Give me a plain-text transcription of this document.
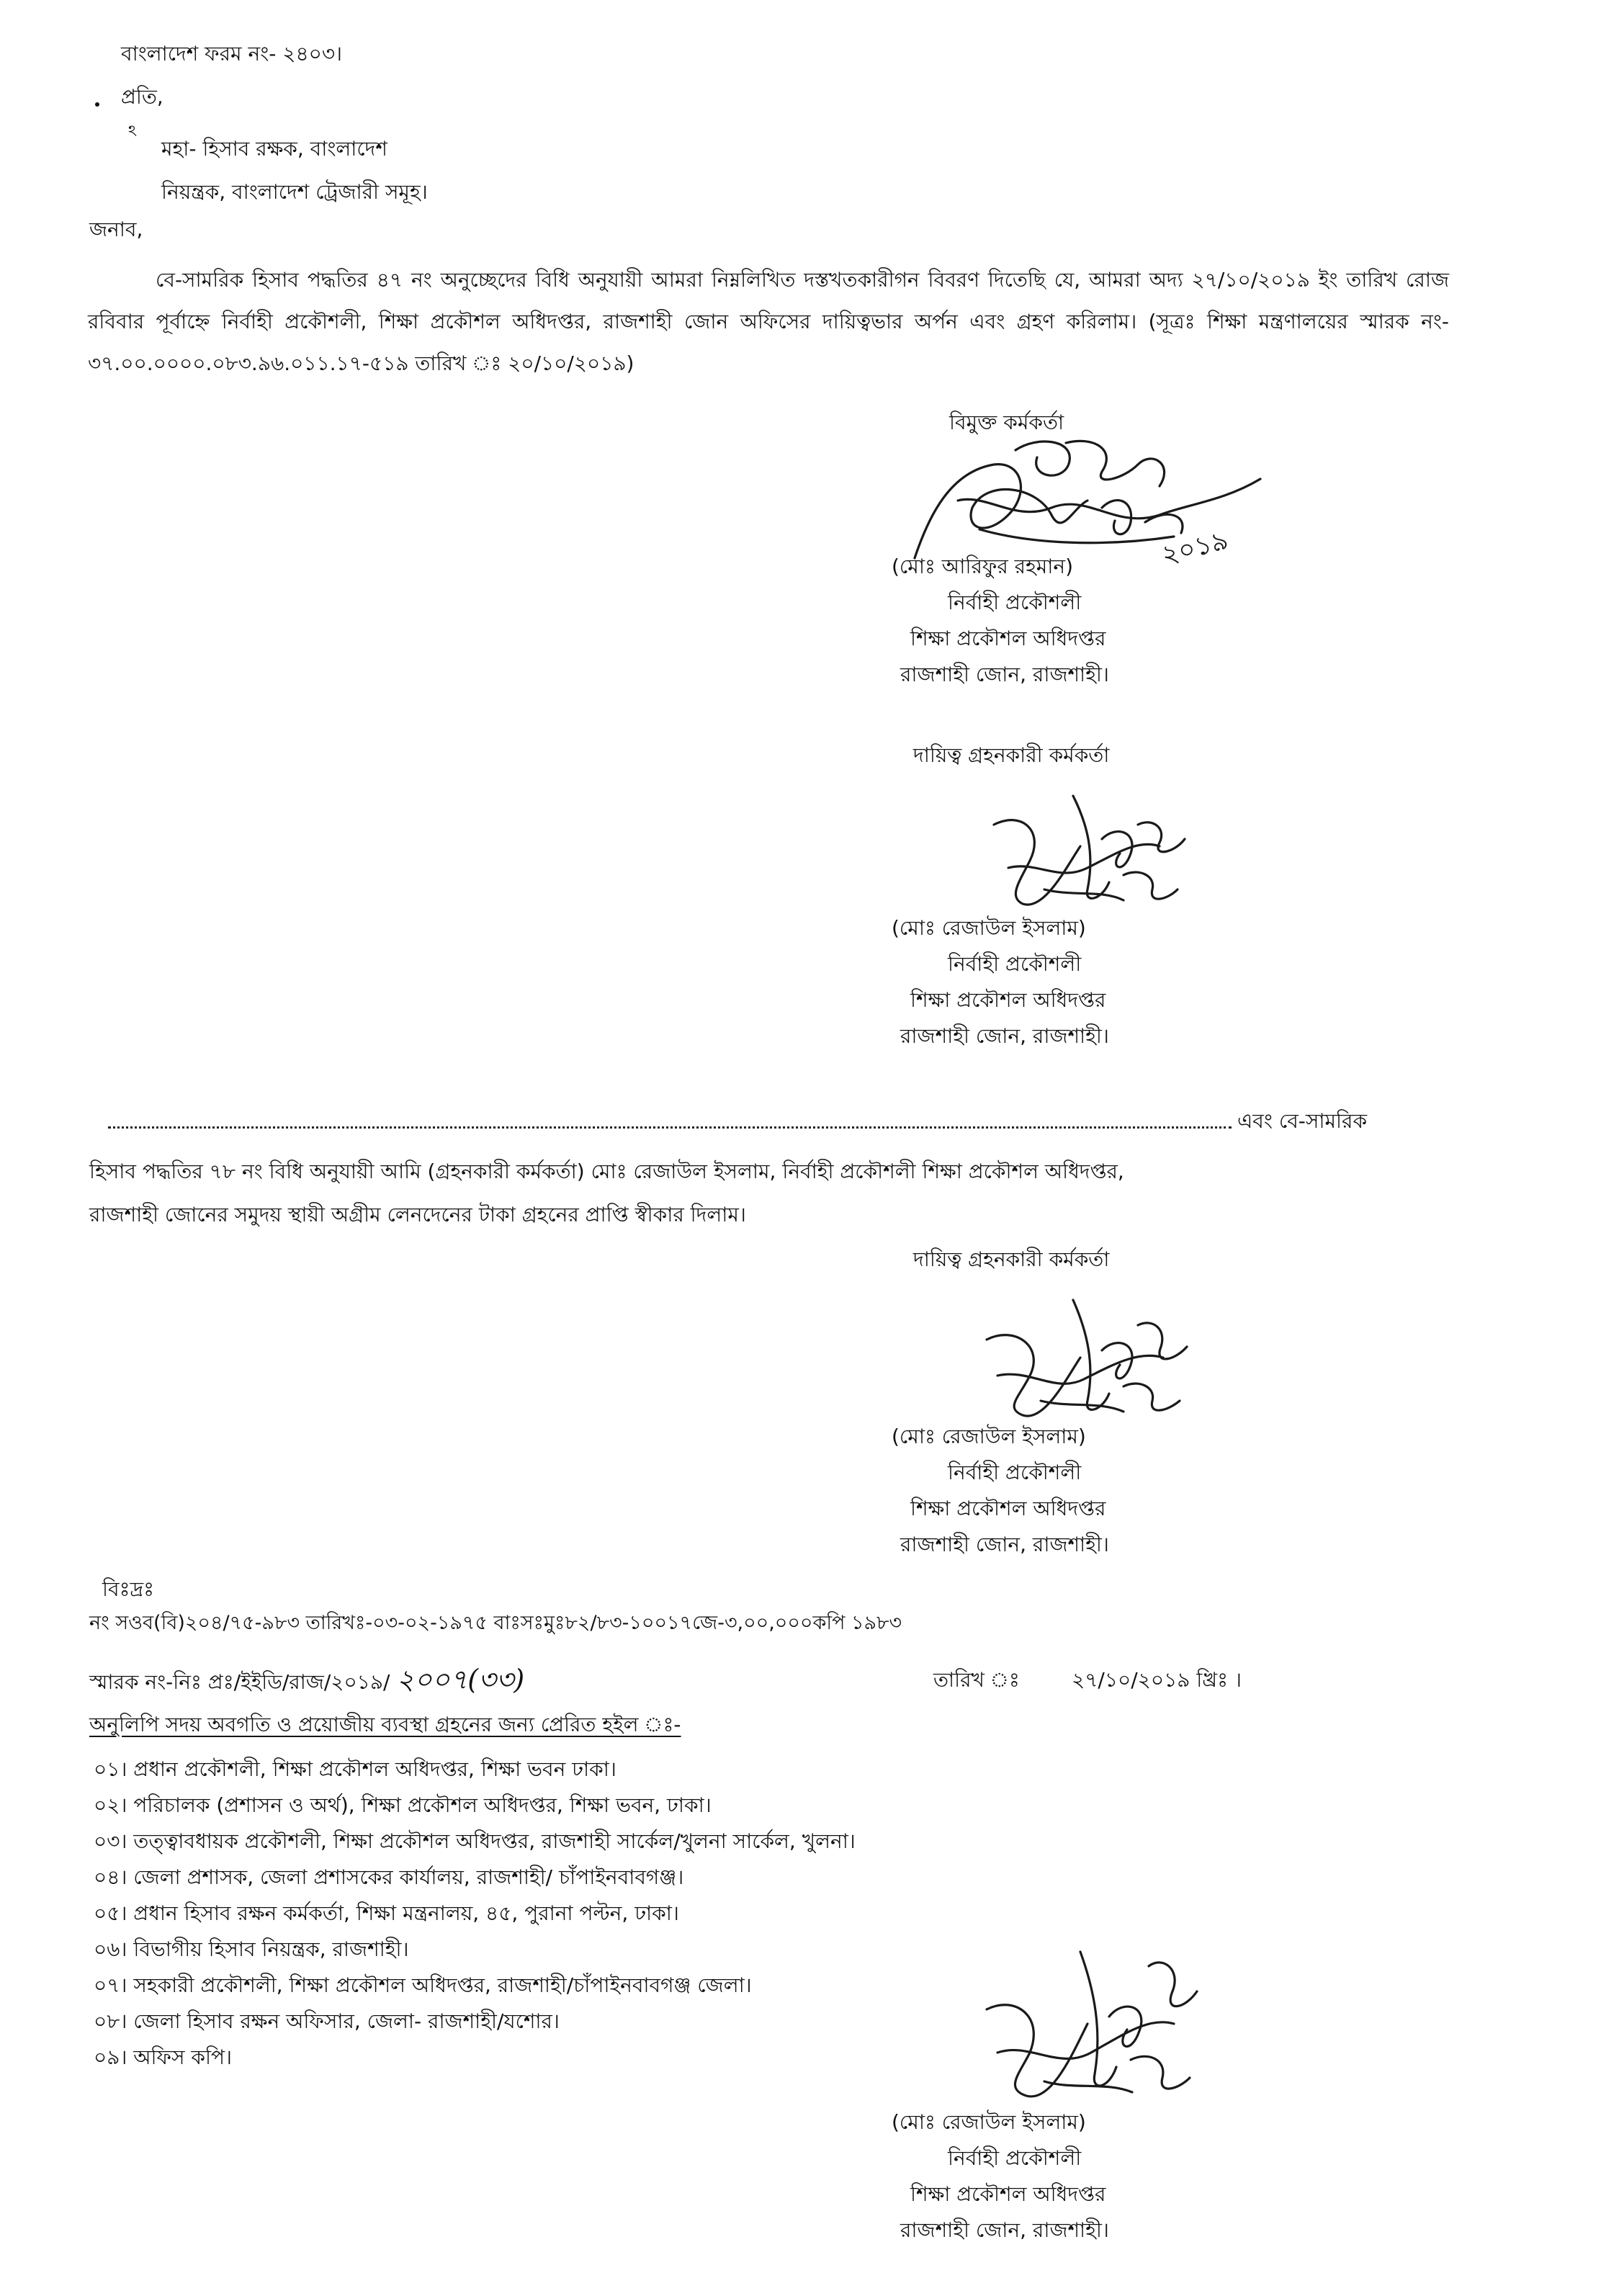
বাংলাদেশ ফরম নং- ২৪০৩।
প্রতি,
ঽ
মহা- হিসাব রক্ষক, বাংলাদেশ
নিয়ন্ত্রক, বাংলাদেশ ট্রেজারী সমূহ।
জনাব,
বে-সামরিক হিসাব পদ্ধতির ৪৭ নং অনুচ্ছেদের বিধি অনুযায়ী আমরা নিম্নলিখিত দস্তখতকারীগন বিবরণ দিতেছি যে, আমরা অদ্য ২৭/১০/২০১৯ ইং তারিখ রোজ রবিবার পূর্বাহ্নে নির্বাহী প্রকৌশলী, শিক্ষা প্রকৌশল অধিদপ্তর, রাজশাহী জোন অফিসের দায়িত্বভার অর্পন এবং গ্রহণ করিলাম। (সূত্রঃ শিক্ষা মন্ত্রণালয়ের স্মারক নং- ৩৭.০০.০০০০.০৮৩.৯৬.০১১.১৭-৫১৯ তারিখ ঃ ২০/১০/২০১৯)
বিমুক্ত কর্মকর্তা
২০১৯
(মোঃ আরিফুর রহমান)
নির্বাহী প্রকৌশলী
শিক্ষা প্রকৌশল অধিদপ্তর
রাজশাহী জোন, রাজশাহী।
দায়িত্ব গ্রহনকারী কর্মকর্তা
(মোঃ রেজাউল ইসলাম)
নির্বাহী প্রকৌশলী
শিক্ষা প্রকৌশল অধিদপ্তর
রাজশাহী জোন, রাজশাহী।
এবং বে-সামরিক
হিসাব পদ্ধতির ৭৮ নং বিধি অনুযায়ী আমি (গ্রহনকারী কর্মকর্তা) মোঃ রেজাউল ইসলাম, নির্বাহী প্রকৌশলী শিক্ষা প্রকৌশল অধিদপ্তর,
রাজশাহী জোনের সমুদয় স্থায়ী অগ্রীম লেনদেনের টাকা গ্রহনের প্রাপ্তি স্বীকার দিলাম।
দায়িত্ব গ্রহনকারী কর্মকর্তা
(মোঃ রেজাউল ইসলাম)
নির্বাহী প্রকৌশলী
শিক্ষা প্রকৌশল অধিদপ্তর
রাজশাহী জোন, রাজশাহী।
বিঃদ্রঃ
নং সওব(বি)২০৪/৭৫-৯৮৩ তারিখঃ-০৩-০২-১৯৭৫ বাঃসঃমুঃ৮২/৮৩-১০০১৭জে-৩,০০,০০০কপি ১৯৮৩
স্মারক নং-নিঃ প্রঃ/ইইডি/রাজ/২০১৯/ ২০০৭(৩৩)	তারিখ ঃ	২৭/১০/২০১৯ খ্রিঃ ।
অনুলিপি সদয় অবগতি ও প্রয়োজীয় ব্যবস্থা গ্রহনের জন্য প্রেরিত হইল ঃ-
০১। প্রধান প্রকৌশলী, শিক্ষা প্রকৌশল অধিদপ্তর, শিক্ষা ভবন ঢাকা।
০২। পরিচালক (প্রশাসন ও অর্থ), শিক্ষা প্রকৌশল অধিদপ্তর, শিক্ষা ভবন, ঢাকা।
০৩। তত্ত্বাবধায়ক প্রকৌশলী, শিক্ষা প্রকৌশল অধিদপ্তর, রাজশাহী সার্কেল/খুলনা সার্কেল, খুলনা।
০৪। জেলা প্রশাসক, জেলা প্রশাসকের কার্যালয়, রাজশাহী/ চাঁপাইনবাবগঞ্জ।
০৫। প্রধান হিসাব রক্ষন কর্মকর্তা, শিক্ষা মন্ত্রনালয়, ৪৫, পুরানা পল্টন, ঢাকা।
০৬। বিভাগীয় হিসাব নিয়ন্ত্রক, রাজশাহী।
০৭। সহকারী প্রকৌশলী, শিক্ষা প্রকৌশল অধিদপ্তর, রাজশাহী/চাঁপাইনবাবগঞ্জ জেলা।
০৮। জেলা হিসাব রক্ষন অফিসার, জেলা- রাজশাহী/যশোর।
০৯। অফিস কপি।
(মোঃ রেজাউল ইসলাম)
নির্বাহী প্রকৌশলী
শিক্ষা প্রকৌশল অধিদপ্তর
রাজশাহী জোন, রাজশাহী।
